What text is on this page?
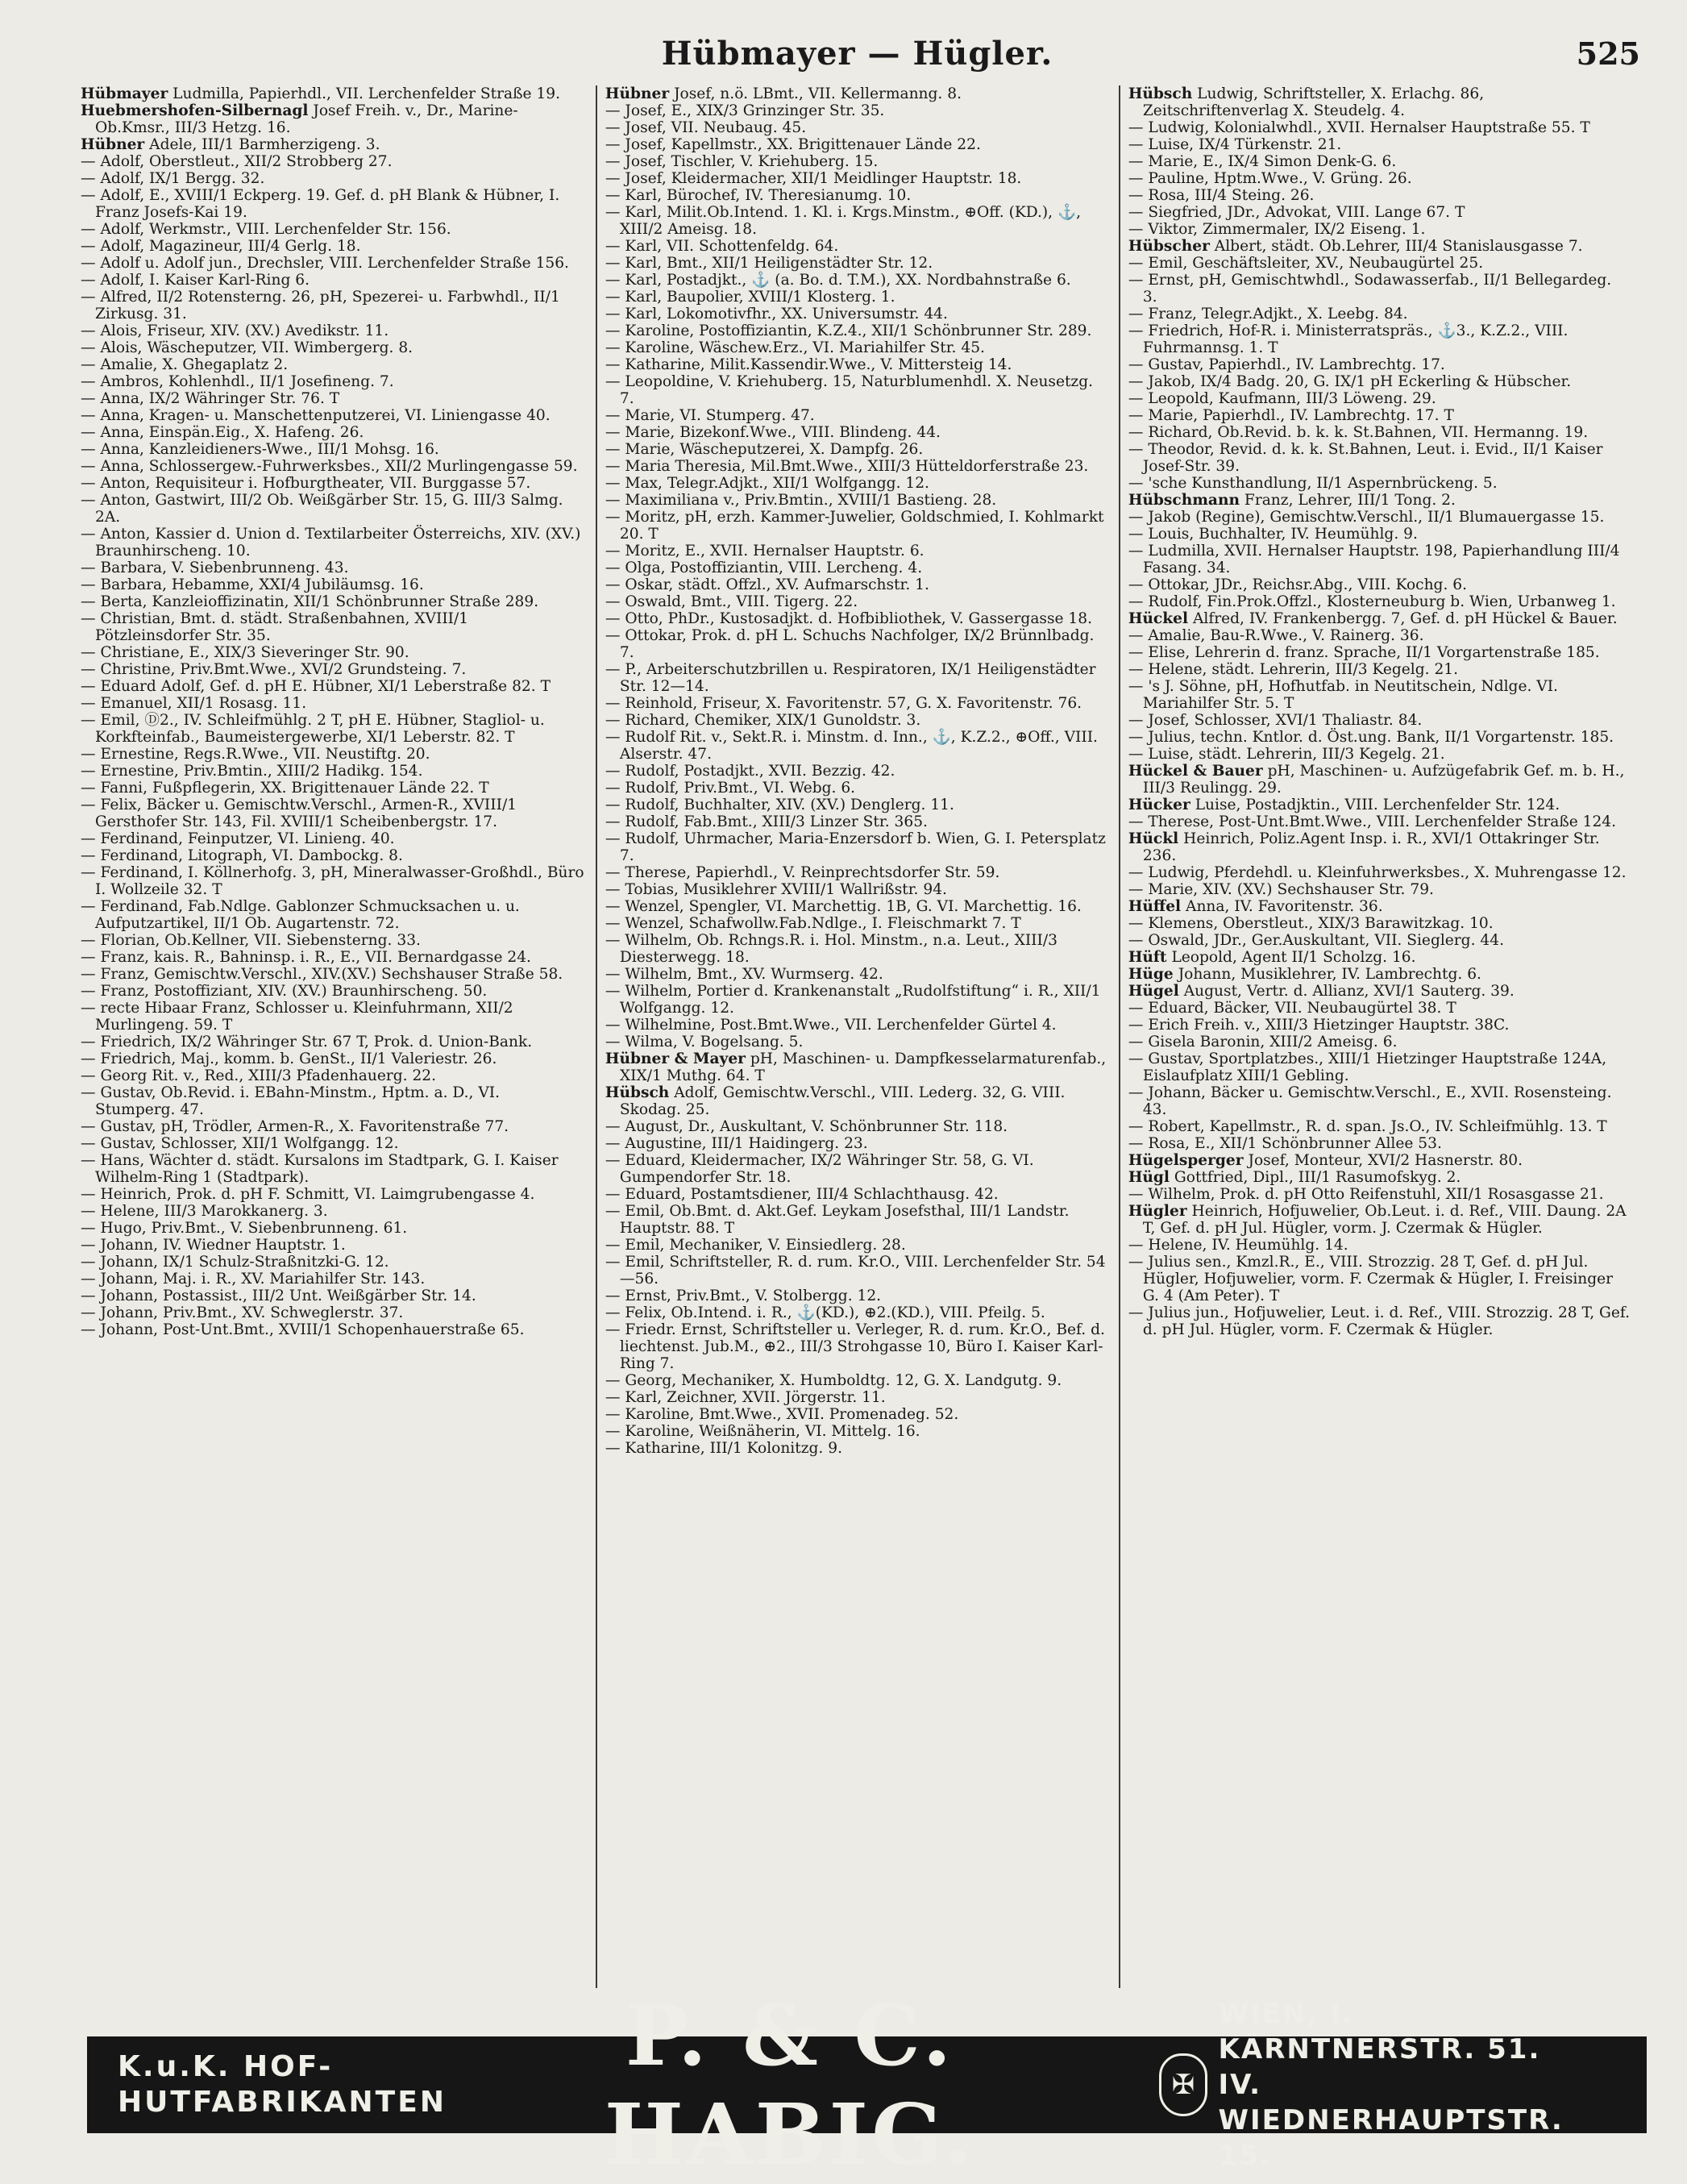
Hübmayer — Hügler.	525

Hübmayer Ludmilla, Papierhdl., VII. Lerchenfelder Straße 19.

Huebmershofen-Silbernagl Josef Freih. v., Dr., Marine-Ob.Kmsr., III/3 Hetzg. 16.

Hübner Adele, III/1 Barmherzigeng. 3.

— Adolf, Oberstleut., XII/2 Strobberg 27.

— Adolf, IX/1 Bergg. 32.

— Adolf, E., XVIII/1 Eckperg. 19. Gef. d. pH Blank & Hübner, I. Franz Josefs-Kai 19.

— Adolf, Werkmstr., VIII. Lerchenfelder Str. 156.

— Adolf, Magazineur, III/4 Gerlg. 18.

— Adolf u. Adolf jun., Drechsler, VIII. Lerchenfelder Straße 156.

— Adolf, I. Kaiser Karl-Ring 6.

— Alfred, II/2 Rotensterng. 26, pH, Spezerei- u. Farbwhdl., II/1 Zirkusg. 31.

— Alois, Friseur, XIV. (XV.) Avedikstr. 11.

— Alois, Wäscheputzer, VII. Wimbergerg. 8.

— Amalie, X. Ghegaplatz 2.

— Ambros, Kohlenhdl., II/1 Josefineng. 7.

— Anna, IX/2 Währinger Str. 76. T

— Anna, Kragen- u. Manschettenputzerei, VI. Liniengasse 40.

— Anna, Einspän.Eig., X. Hafeng. 26.

— Anna, Kanzleidieners-Wwe., III/1 Mohsg. 16.

— Anna, Schlossergew.-Fuhrwerksbes., XII/2 Murlingengasse 59.

— Anton, Requisiteur i. Hofburgtheater, VII. Burggasse 57.

— Anton, Gastwirt, III/2 Ob. Weißgärber Str. 15, G. III/3 Salmg. 2A.

— Anton, Kassier d. Union d. Textilarbeiter Österreichs, XIV. (XV.) Braunhirscheng. 10.

— Barbara, V. Siebenbrunneng. 43.

— Barbara, Hebamme, XXI/4 Jubiläumsg. 16.

— Berta, Kanzleioffizinatin, XII/1 Schönbrunner Straße 289.

— Christian, Bmt. d. städt. Straßenbahnen, XVIII/1 Pötzleinsdorfer Str. 35.

— Christiane, E., XIX/3 Sieveringer Str. 90.

— Christine, Priv.Bmt.Wwe., XVI/2 Grundsteing. 7.

— Eduard Adolf, Gef. d. pH E. Hübner, XI/1 Leberstraße 82. T

— Emanuel, XII/1 Rosasg. 11.

— Emil, Ⓓ2., IV. Schleifmühlg. 2 T, pH E. Hübner, Stagliol- u. Korkfteinfab., Baumeistergewerbe, XI/1 Leberstr. 82. T

— Ernestine, Regs.R.Wwe., VII. Neustiftg. 20.

— Ernestine, Priv.Bmtin., XIII/2 Hadikg. 154.

— Fanni, Fußpflegerin, XX. Brigittenauer Lände 22. T

— Felix, Bäcker u. Gemischtw.Verschl., Armen-R., XVIII/1 Gersthofer Str. 143, Fil. XVIII/1 Scheibenbergstr. 17.

— Ferdinand, Feinputzer, VI. Linieng. 40.

— Ferdinand, Litograph, VI. Dambockg. 8.

— Ferdinand, I. Köllnerhofg. 3, pH, Mineralwasser-Großhdl., Büro I. Wollzeile 32. T

— Ferdinand, Fab.Ndlge. Gablonzer Schmucksachen u. u. Aufputzartikel, II/1 Ob. Augartenstr. 72.

— Florian, Ob.Kellner, VII. Siebensterng. 33.

— Franz, kais. R., Bahninsp. i. R., E., VII. Bernardgasse 24.

— Franz, Gemischtw.Verschl., XIV.(XV.) Sechshauser Straße 58.

— Franz, Postoffiziant, XIV. (XV.) Braunhirscheng. 50.

— recte Hibaar Franz, Schlosser u. Kleinfuhrmann, XII/2 Murlingeng. 59. T

— Friedrich, IX/2 Währinger Str. 67 T, Prok. d. Union-Bank.

— Friedrich, Maj., komm. b. GenSt., II/1 Valeriestr. 26.

— Georg Rit. v., Red., XIII/3 Pfadenhauerg. 22.

— Gustav, Ob.Revid. i. EBahn-Minstm., Hptm. a. D., VI. Stumperg. 47.

— Gustav, pH, Trödler, Armen-R., X. Favoritenstraße 77.

— Gustav, Schlosser, XII/1 Wolfgangg. 12.

— Hans, Wächter d. städt. Kursalons im Stadtpark, G. I. Kaiser Wilhelm-Ring 1 (Stadtpark).

— Heinrich, Prok. d. pH F. Schmitt, VI. Laimgrubengasse 4.

— Helene, III/3 Marokkanerg. 3.

— Hugo, Priv.Bmt., V. Siebenbrunneng. 61.

— Johann, IV. Wiedner Hauptstr. 1.

— Johann, IX/1 Schulz-Straßnitzki-G. 12.

— Johann, Maj. i. R., XV. Mariahilfer Str. 143.

— Johann, Postassist., III/2 Unt. Weißgärber Str. 14.

— Johann, Priv.Bmt., XV. Schweglerstr. 37.

— Johann, Post-Unt.Bmt., XVIII/1 Schopenhauerstraße 65.

Hübner Josef, n.ö. LBmt., VII. Kellermanng. 8.

— Josef, E., XIX/3 Grinzinger Str. 35.

— Josef, VII. Neubaug. 45.

— Josef, Kapellmstr., XX. Brigittenauer Lände 22.

— Josef, Tischler, V. Kriehuberg. 15.

— Josef, Kleidermacher, XII/1 Meidlinger Hauptstr. 18.

— Karl, Bürochef, IV. Theresianumg. 10.

— Karl, Milit.Ob.Intend. 1. Kl. i. Krgs.Minstm., ⊕Off. (KD.), ⚓, XIII/2 Ameisg. 18.

— Karl, VII. Schottenfeldg. 64.

— Karl, Bmt., XII/1 Heiligenstädter Str. 12.

— Karl, Postadjkt., ⚓ (a. Bo. d. T.M.), XX. Nordbahnstraße 6.

— Karl, Baupolier, XVIII/1 Klosterg. 1.

— Karl, Lokomotivfhr., XX. Universumstr. 44.

— Karoline, Postoffiziantin, K.Z.4., XII/1 Schönbrunner Str. 289.

— Karoline, Wäschew.Erz., VI. Mariahilfer Str. 45.

— Katharine, Milit.Kassendir.Wwe., V. Mittersteig 14.

— Leopoldine, V. Kriehuberg. 15, Naturblumenhdl. X. Neusetzg. 7.

— Marie, VI. Stumperg. 47.

— Marie, Bizekonf.Wwe., VIII. Blindeng. 44.

— Marie, Wäscheputzerei, X. Dampfg. 26.

— Maria Theresia, Mil.Bmt.Wwe., XIII/3 Hütteldorferstraße 23.

— Max, Telegr.Adjkt., XII/1 Wolfgangg. 12.

— Maximiliana v., Priv.Bmtin., XVIII/1 Bastieng. 28.

— Moritz, pH, erzh. Kammer-Juwelier, Goldschmied, I. Kohlmarkt 20. T

— Moritz, E., XVII. Hernalser Hauptstr. 6.

— Olga, Postoffiziantin, VIII. Lercheng. 4.

— Oskar, städt. Offzl., XV. Aufmarschstr. 1.

— Oswald, Bmt., VIII. Tigerg. 22.

— Otto, PhDr., Kustosadjkt. d. Hofbibliothek, V. Gassergasse 18.

— Ottokar, Prok. d. pH L. Schuchs Nachfolger, IX/2 Brünnlbadg. 7.

— P., Arbeiterschutzbrillen u. Respiratoren, IX/1 Heiligenstädter Str. 12—14.

— Reinhold, Friseur, X. Favoritenstr. 57, G. X. Favoritenstr. 76.

— Richard, Chemiker, XIX/1 Gunoldstr. 3.

— Rudolf Rit. v., Sekt.R. i. Minstm. d. Inn., ⚓, K.Z.2., ⊕Off., VIII. Alserstr. 47.

— Rudolf, Postadjkt., XVII. Bezzig. 42.

— Rudolf, Priv.Bmt., VI. Webg. 6.

— Rudolf, Buchhalter, XIV. (XV.) Denglerg. 11.

— Rudolf, Fab.Bmt., XIII/3 Linzer Str. 365.

— Rudolf, Uhrmacher, Maria-Enzersdorf b. Wien, G. I. Petersplatz 7.

— Therese, Papierhdl., V. Reinprechtsdorfer Str. 59.

— Tobias, Musiklehrer XVIII/1 Wallrißstr. 94.

— Wenzel, Spengler, VI. Marchettig. 1B, G. VI. Marchettig. 16.

— Wenzel, Schafwollw.Fab.Ndlge., I. Fleischmarkt 7. T

— Wilhelm, Ob. Rchngs.R. i. Hol. Minstm., n.a. Leut., XIII/3 Diesterwegg. 18.

— Wilhelm, Bmt., XV. Wurmserg. 42.

— Wilhelm, Portier d. Krankenanstalt „Rudolfstiftung“ i. R., XII/1 Wolfgangg. 12.

— Wilhelmine, Post.Bmt.Wwe., VII. Lerchenfelder Gürtel 4.

— Wilma, V. Bogelsang. 5.

Hübner & Mayer pH, Maschinen- u. Dampfkesselarmaturenfab., XIX/1 Muthg. 64. T

Hübsch Adolf, Gemischtw.Verschl., VIII. Lederg. 32, G. VIII. Skodag. 25.

— August, Dr., Auskultant, V. Schönbrunner Str. 118.

— Augustine, III/1 Haidingerg. 23.

— Eduard, Kleidermacher, IX/2 Währinger Str. 58, G. VI. Gumpendorfer Str. 18.

— Eduard, Postamtsdiener, III/4 Schlachthausg. 42.

— Emil, Ob.Bmt. d. Akt.Gef. Leykam Josefsthal, III/1 Landstr. Hauptstr. 88. T

— Emil, Mechaniker, V. Einsiedlerg. 28.

— Emil, Schriftsteller, R. d. rum. Kr.O., VIII. Lerchenfelder Str. 54—56.

— Ernst, Priv.Bmt., V. Stolbergg. 12.

— Felix, Ob.Intend. i. R., ⚓(KD.), ⊕2.(KD.), VIII. Pfeilg. 5.

— Friedr. Ernst, Schriftsteller u. Verleger, R. d. rum. Kr.O., Bef. d. liechtenst. Jub.M., ⊕2., III/3 Strohgasse 10, Büro I. Kaiser Karl-Ring 7.

— Georg, Mechaniker, X. Humboldtg. 12, G. X. Landgutg. 9.

— Karl, Zeichner, XVII. Jörgerstr. 11.

— Karoline, Bmt.Wwe., XVII. Promenadeg. 52.

— Karoline, Weißnäherin, VI. Mittelg. 16.

— Katharine, III/1 Kolonitzg. 9.

Hübsch Ludwig, Schriftsteller, X. Erlachg. 86, Zeitschriftenverlag X. Steudelg. 4.

— Ludwig, Kolonialwhdl., XVII. Hernalser Hauptstraße 55. T

— Luise, IX/4 Türkenstr. 21.

— Marie, E., IX/4 Simon Denk-G. 6.

— Pauline, Hptm.Wwe., V. Grüng. 26.

— Rosa, III/4 Steing. 26.

— Siegfried, JDr., Advokat, VIII. Lange 67. T

— Viktor, Zimmermaler, IX/2 Eiseng. 1.

Hübscher Albert, städt. Ob.Lehrer, III/4 Stanislausgasse 7.

— Emil, Geschäftsleiter, XV., Neubaugürtel 25.

— Ernst, pH, Gemischtwhdl., Sodawasserfab., II/1 Bellegardeg. 3.

— Franz, Telegr.Adjkt., X. Leebg. 84.

— Friedrich, Hof-R. i. Ministerratspräs., ⚓3., K.Z.2., VIII. Fuhrmannsg. 1. T

— Gustav, Papierhdl., IV. Lambrechtg. 17.

— Jakob, IX/4 Badg. 20, G. IX/1 pH Eckerling & Hübscher.

— Leopold, Kaufmann, III/3 Löweng. 29.

— Marie, Papierhdl., IV. Lambrechtg. 17. T

— Richard, Ob.Revid. b. k. k. St.Bahnen, VII. Hermanng. 19.

— Theodor, Revid. d. k. k. St.Bahnen, Leut. i. Evid., II/1 Kaiser Josef-Str. 39.

— 'sche Kunsthandlung, II/1 Aspernbrückeng. 5.

Hübschmann Franz, Lehrer, III/1 Tong. 2.

— Jakob (Regine), Gemischtw.Verschl., II/1 Blumauergasse 15.

— Louis, Buchhalter, IV. Heumühlg. 9.

— Ludmilla, XVII. Hernalser Hauptstr. 198, Papierhandlung III/4 Fasang. 34.

— Ottokar, JDr., Reichsr.Abg., VIII. Kochg. 6.

— Rudolf, Fin.Prok.Offzl., Klosterneuburg b. Wien, Urbanweg 1.

Hückel Alfred, IV. Frankenbergg. 7, Gef. d. pH Hückel & Bauer.

— Amalie, Bau-R.Wwe., V. Rainerg. 36.

— Elise, Lehrerin d. franz. Sprache, II/1 Vorgartenstraße 185.

— Helene, städt. Lehrerin, III/3 Kegelg. 21.

— 's J. Söhne, pH, Hofhutfab. in Neutitschein, Ndlge. VI. Mariahilfer Str. 5. T

— Josef, Schlosser, XVI/1 Thaliastr. 84.

— Julius, techn. Kntlor. d. Öst.ung. Bank, II/1 Vorgartenstr. 185.

— Luise, städt. Lehrerin, III/3 Kegelg. 21.

Hückel & Bauer pH, Maschinen- u. Aufzügefabrik Gef. m. b. H., III/3 Reulingg. 29.

Hücker Luise, Postadjktin., VIII. Lerchenfelder Str. 124.

— Therese, Post-Unt.Bmt.Wwe., VIII. Lerchenfelder Straße 124.

Hückl Heinrich, Poliz.Agent Insp. i. R., XVI/1 Ottakringer Str. 236.

— Ludwig, Pferdehdl. u. Kleinfuhrwerksbes., X. Muhrengasse 12.

— Marie, XIV. (XV.) Sechshauser Str. 79.

Hüffel Anna, IV. Favoritenstr. 36.

— Klemens, Oberstleut., XIX/3 Barawitzkag. 10.

— Oswald, JDr., Ger.Auskultant, VII. Sieglerg. 44.

Hüft Leopold, Agent II/1 Scholzg. 16.

Hüge Johann, Musiklehrer, IV. Lambrechtg. 6.

Hügel August, Vertr. d. Allianz, XVI/1 Sauterg. 39.

— Eduard, Bäcker, VII. Neubaugürtel 38. T

— Erich Freih. v., XIII/3 Hietzinger Hauptstr. 38C.

— Gisela Baronin, XIII/2 Ameisg. 6.

— Gustav, Sportplatzbes., XIII/1 Hietzinger Hauptstraße 124A, Eislaufplatz XIII/1 Gebling.

— Johann, Bäcker u. Gemischtw.Verschl., E., XVII. Rosensteing. 43.

— Robert, Kapellmstr., R. d. span. Js.O., IV. Schleifmühlg. 13. T

— Rosa, E., XII/1 Schönbrunner Allee 53.

Hügelsperger Josef, Monteur, XVI/2 Hasnerstr. 80.

Hügl Gottfried, Dipl., III/1 Rasumofskyg. 2.

— Wilhelm, Prok. d. pH Otto Reifenstuhl, XII/1 Rosasgasse 21.

Hügler Heinrich, Hofjuwelier, Ob.Leut. i. d. Ref., VIII. Daung. 2A T, Gef. d. pH Jul. Hügler, vorm. J. Czermak & Hügler.

— Helene, IV. Heumühlg. 14.

— Julius sen., Kmzl.R., E., VIII. Strozzig. 28 T, Gef. d. pH Jul. Hügler, Hofjuwelier, vorm. F. Czermak & Hügler, I. Freisinger G. 4 (Am Peter). T

— Julius jun., Hofjuwelier, Leut. i. d. Ref., VIII. Strozzig. 28 T, Gef. d. pH Jul. Hügler, vorm. F. Czermak & Hügler.

K.u.K. HOF-
HUTFABRIKANTEN
P. & C. HABIG.	✠
WIEN, I. KÄRNTNERSTR. 51.
IV. WIEDNERHAUPTSTR. 15.
